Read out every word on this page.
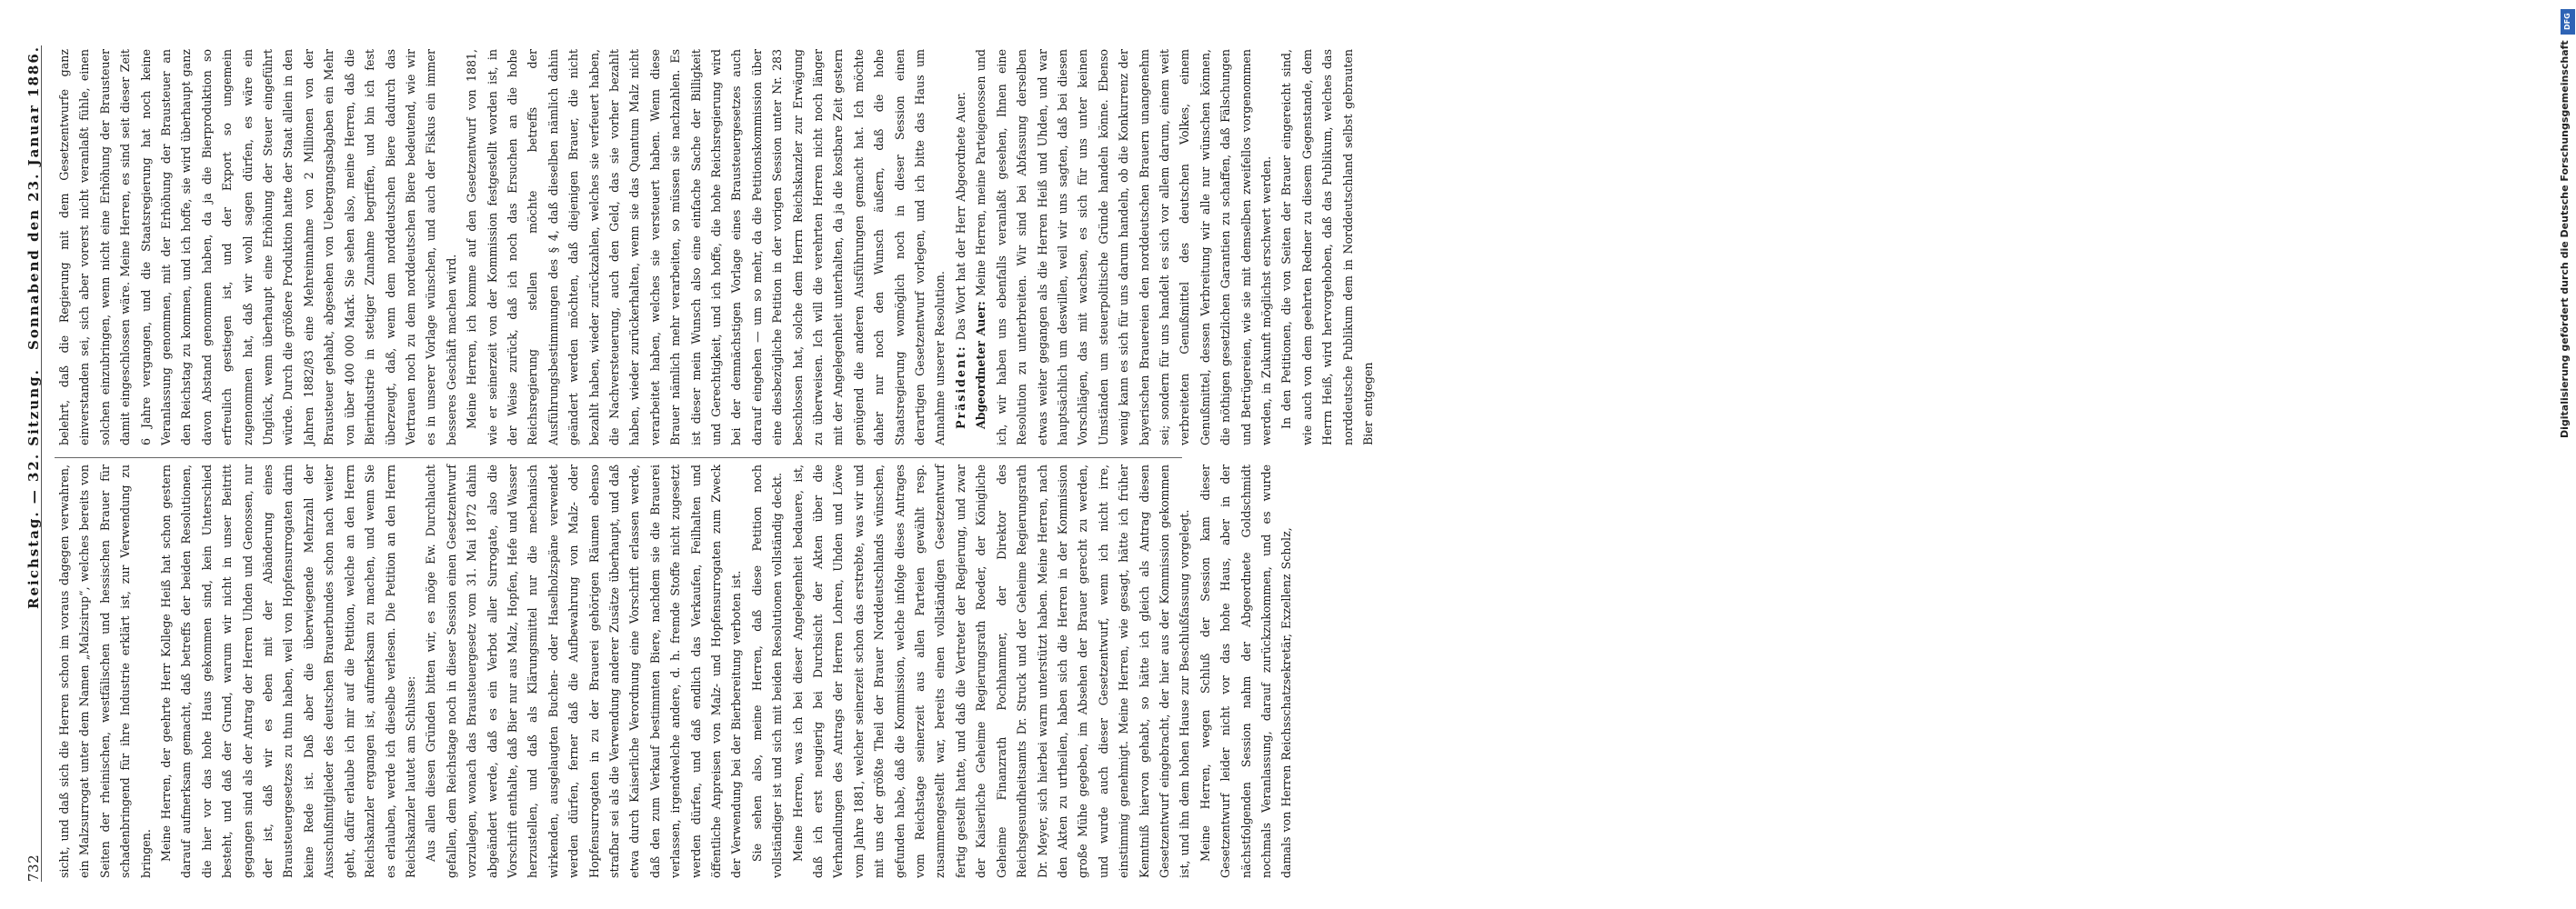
732
Reichstag. — 32. Sitzung.
Sonnabend den 23. Januar 1886.

sicht, und daß sich die Herren schon im voraus dagegen verwahren, ein Malzsurrogat unter dem Namen „Malzsirup“, welches bereits von Seiten der rheinischen, westfälischen und hessischen Brauer für schadenbringend für ihre Industrie erklärt ist, zur Verwendung zu bringen. Meine Herren, der geehrte Herr Kollege Heiß hat schon gestern darauf aufmerksam gemacht, daß betreffs der beiden Resolutionen, die hier vor das hohe Haus gekommen sind, kein Unterschied besteht, und daß der Grund, warum wir nicht in unser Beitritt gegangen sind als der Antrag der Herren Uhden und Genossen, nur der ist, daß wir es eben mit der Abänderung eines Brausteuergesetzes zu thun haben, weil von Hopfensurrogaten darin keine Rede ist. Daß aber die überwiegende Mehrzahl der Ausschußmitglieder des deutschen Brauerbundes schon nach weiter geht, dafür erlaube ich mir auf die Petition, welche an den Herrn Reichskanzler ergangen ist, aufmerksam zu machen, und wenn Sie es erlauben, werde ich dieselbe verlesen. Die Petition an den Herrn Reichskanzler lautet am Schlusse: Aus allen diesen Gründen bitten wir, es möge Ew. Durchlaucht gefallen, dem Reichstage noch in dieser Session einen Gesetzentwurf vorzulegen, wonach das Brausteuergesetz vom 31. Mai 1872 dahin abgeändert werde, daß es ein Verbot aller Surrogate, also die Vorschrift enthalte, daß Bier nur aus Malz, Hopfen, Hefe und Wasser herzustellen, und daß als Klärungsmittel nur die mechanisch wirkenden, ausgelaugten Buchen- oder Haselholzspäne verwendet werden dürfen, ferner daß die Aufbewahrung von Malz- oder Hopfensurrogaten in zu der Brauerei gehörigen Räumen ebenso strafbar sei als die Verwendung anderer Zusätze überhaupt, und daß etwa durch Kaiserliche Verordnung eine Vorschrift erlassen werde, daß den zum Verkauf bestimmten Biere, nachdem sie die Brauerei verlassen, irgendwelche andere, d. h. fremde Stoffe nicht zugesetzt werden dürfen, und daß endlich das Verkaufen, Feilhalten und öffentliche Anpreisen von Malz- und Hopfensurrogaten zum Zweck der Verwendung bei der Bierbereitung verboten ist. Sie sehen also, meine Herren, daß diese Petition noch vollständiger ist und sich mit beiden Resolutionen vollständig deckt. Meine Herren, was ich bei dieser Angelegenheit bedauere, ist, daß ich erst neugierig bei Durchsicht der Akten über die Verhandlungen des Antrags der Herren Lohren, Uhden und Löwe vom Jahre 1881, welcher seinerzeit schon das erstrebte, was wir und mit uns der größte Theil der Brauer Norddeutschlands wünschen, gefunden habe, daß die Kommission, welche infolge dieses Antrages vom Reichstage seinerzeit aus allen Parteien gewählt resp. zusammengestellt war, bereits einen vollständigen Gesetzentwurf fertig gestellt hatte, und daß die Vertreter der Regierung, und zwar der Kaiserliche Geheime Regierungsrath Roeder, der Königliche Geheime Finanzrath Pochhammer, der Direktor des Reichsgesundheitsamts Dr. Struck und der Geheime Regierungsrath Dr. Meyer, sich hierbei warm unterstützt haben. Meine Herren, nach den Akten zu urtheilen, haben sich die Herren in der Kommission große Mühe gegeben, im Absehen der Brauer gerecht zu werden, und wurde auch dieser Gesetzentwurf, wenn ich nicht irre, einstimmig genehmigt. Meine Herren, wie gesagt, hätte ich früher Kenntniß hiervon gehabt, so hätte ich gleich als Antrag diesen Gesetzentwurf eingebracht, der hier aus der Kommission gekommen ist, und ihn dem hohen Hause zur Beschlußfassung vorgelegt. Meine Herren, wegen Schluß der Session kam dieser Gesetzentwurf leider nicht vor das hohe Haus, aber in der nächstfolgenden Session nahm der Abgeordnete Goldschmidt nochmals Veranlassung, darauf zurückzukommen, und es wurde damals von Herren Reichsschatzsekretär, Exzellenz Scholz,

belehrt, daß die Regierung mit dem Gesetzentwurfe ganz einverstanden sei, sich aber vorerst nicht veranlaßt fühle, einen solchen einzubringen, wenn nicht eine Erhöhung der Brausteuer damit eingeschlossen wäre. Meine Herren, es sind seit dieser Zeit 6 Jahre vergangen, und die Staatsregierung hat noch keine Veranlassung genommen, mit der Erhöhung der Brausteuer an den Reichstag zu kommen, und ich hoffe, sie wird überhaupt ganz davon Abstand genommen haben, da ja die Bierproduktion so erfreulich gestiegen ist, und der Export so ungemein zugenommen hat, daß wir wohl sagen dürfen, es wäre ein Unglück, wenn überhaupt eine Erhöhung der Steuer eingeführt würde. Durch die größere Produktion hatte der Staat allein in den Jahren 1882/83 eine Mehreinnahme von 2 Millionen von der Brausteuer gehabt, abgesehen von Uebergangsabgaben ein Mehr von über 400 000 Mark. Sie sehen also, meine Herren, daß die Bierindustrie in stetiger Zunahme begriffen, und bin ich fest überzeugt, daß, wenn dem norddeutschen Biere dadurch das Vertrauen noch zu dem norddeutschen Biere bedeutend, wie wir es in unserer Vorlage wünschen, und auch der Fiskus ein immer besseres Geschäft machen wird. Meine Herren, ich komme auf den Gesetzentwurf von 1881, wie er seinerzeit von der Kommission festgestellt worden ist, in der Weise zurück, daß ich noch das Ersuchen an die hohe Reichsregierung stellen möchte betreffs der Ausführungsbestimmungen des § 4, daß dieselben nämlich dahin geändert werden möchten, daß diejenigen Brauer, die nicht bezahlt haben, wieder zurückzahlen, welches sie verfeuert haben, die Nachversteuerung, auch den Geld, das sie vorher bezahlt haben, wieder zurückerhalten, wenn sie das Quantum Malz nicht verarbeitet haben, welches sie versteuert haben. Wenn diese Brauer nämlich mehr verarbeiten, so müssen sie nachzahlen. Es ist dieser mein Wunsch also eine einfache Sache der Billigkeit und Gerechtigkeit, und ich hoffe, die hohe Reichsregierung wird bei der demnächstigen Vorlage eines Brausteuergesetzes auch darauf eingehen — um so mehr, da die Petitionskommission über eine diesbezügliche Petition in der vorigen Session unter Nr. 283 beschlossen hat, solche dem Herrn Reichskanzler zur Erwägung zu überweisen. Ich will die verehrten Herren nicht noch länger mit der Angelegenheit unterhalten, da ja die kostbare Zeit gestern genügend die anderen Ausführungen gemacht hat. Ich möchte daher nur noch den Wunsch äußern, daß die hohe Staatsregierung womöglich noch in dieser Session einen derartigen Gesetzentwurf vorlegen, und ich bitte das Haus um Annahme unserer Resolution. Präsident: Das Wort hat der Herr Abgeordnete Auer.

Abgeordneter Auer: Meine Herren, meine Parteigenossen und ich, wir haben uns ebenfalls veranlaßt gesehen, Ihnen eine Resolution zu unterbreiten. Wir sind bei Abfassung derselben etwas weiter gegangen als die Herren Heiß und Uhden, und war hauptsächlich um deswillen, weil wir uns sagten, daß bei diesen Vorschlägen, das mit wachsen, es sich für uns unter keinen Umständen um steuerpolitische Gründe handeln könne. Ebenso wenig kann es sich für uns darum handeln, ob die Konkurrenz der bayerischen Brauereien den norddeutschen Brauern unangenehm sei; sondern für uns handelt es sich vor allem darum, einem weit verbreiteten Genußmittel des deutschen Volkes, einem Genußmittel, dessen Verbreitung wir alle nur wünschen können, die nöthigen gesetzlichen Garantien zu schaffen, daß Fälschungen und Betrügereien, wie sie mit demselben zweifellos vorgenommen werden, in Zukunft möglichst erschwert werden. In den Petitionen, die von Seiten der Brauer eingereicht sind, wie auch von dem geehrten Redner zu diesem Gegenstande, dem Herrn Heiß, wird hervorgehoben, daß das Publikum, welches das norddeutsche Publikum dem in Norddeutschland selbst gebrauten Bier entgegen

DFG
Digitalisierung gefördert durch die Deutsche Forschungsgemeinschaft
